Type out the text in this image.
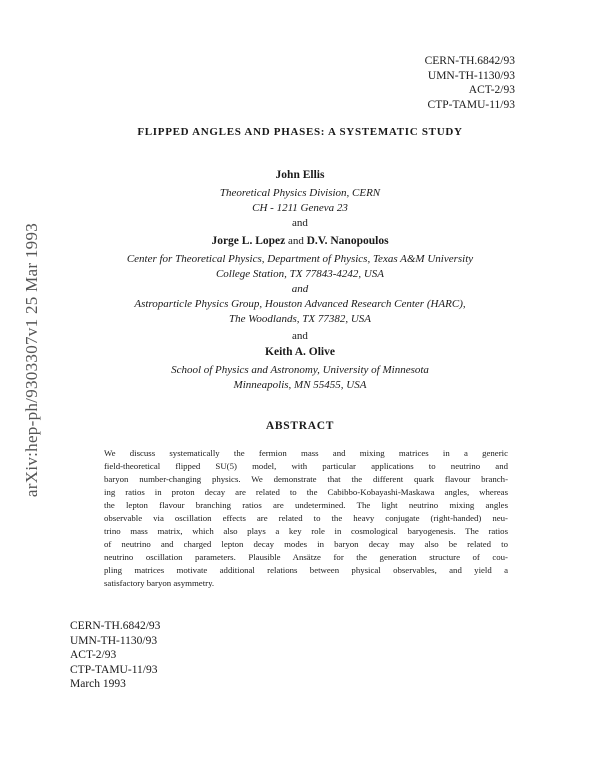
arXiv:hep-ph/9303307v1 25 Mar 1993
CERN-TH.6842/93
UMN-TH-1130/93
ACT-2/93
CTP-TAMU-11/93
FLIPPED ANGLES AND PHASES: A SYSTEMATIC STUDY
John Ellis
Theoretical Physics Division, CERN
CH - 1211 Geneva 23
and
Jorge L. Lopez and D.V. Nanopoulos
Center for Theoretical Physics, Department of Physics, Texas A&M University
College Station, TX 77843-4242, USA
and
Astroparticle Physics Group, Houston Advanced Research Center (HARC),
The Woodlands, TX 77382, USA
and
Keith A. Olive
School of Physics and Astronomy, University of Minnesota
Minneapolis, MN 55455, USA
ABSTRACT
We discuss systematically the fermion mass and mixing matrices in a generic
field-theoretical flipped SU(5) model, with particular applications to neutrino and
baryon number-changing physics. We demonstrate that the different quark flavour branch-
ing ratios in proton decay are related to the Cabibbo-Kobayashi-Maskawa angles, whereas
the lepton flavour branching ratios are undetermined. The light neutrino mixing angles
observable via oscillation effects are related to the heavy conjugate (right-handed) neu-
trino mass matrix, which also plays a key role in cosmological baryogenesis. The ratios
of neutrino and charged lepton decay modes in baryon decay may also be related to
neutrino oscillation parameters. Plausible Ansätze for the generation structure of cou-
pling matrices motivate additional relations between physical observables, and yield a
satisfactory baryon asymmetry.
CERN-TH.6842/93
UMN-TH-1130/93
ACT-2/93
CTP-TAMU-11/93
March 1993
